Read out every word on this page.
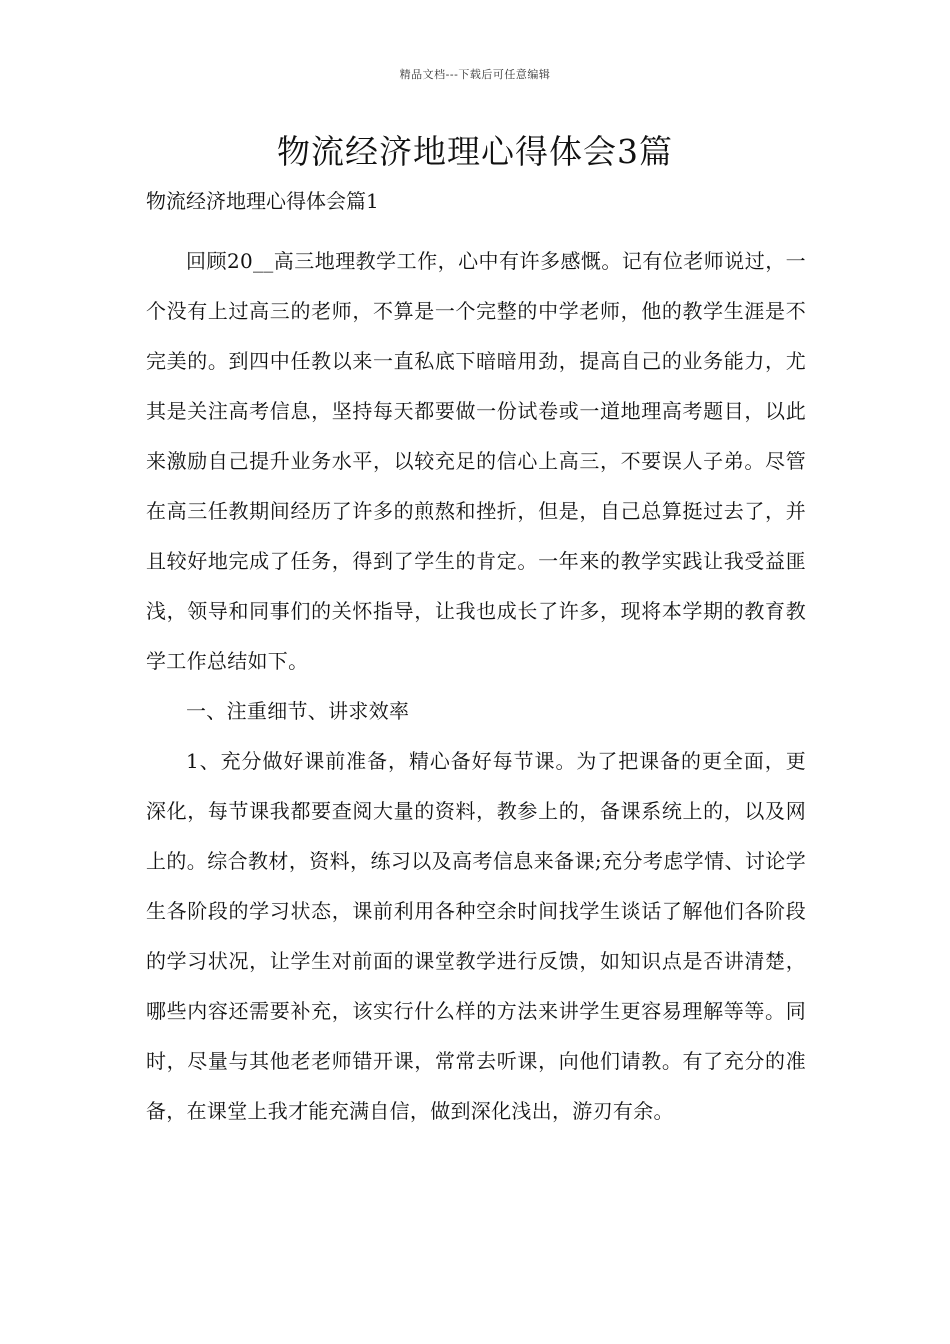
精品文档---下载后可任意编辑
物流经济地理心得体会3篇
物流经济地理心得体会篇1

回顾20__高三地理教学工作，心中有许多感慨。记有位老师说过，一个没有上过高三的老师，不算是一个完整的中学老师，他的教学生涯是不完美的。到四中任教以来一直私底下暗暗用劲，提高自己的业务能力，尤其是关注高考信息，坚持每天都要做一份试卷或一道地理高考题目，以此来激励自己提升业务水平，以较充足的信心上高三，不要误人子弟。尽管在高三任教期间经历了许多的煎熬和挫折，但是，自己总算挺过去了，并且较好地完成了任务，得到了学生的肯定。一年来的教学实践让我受益匪浅，领导和同事们的关怀指导，让我也成长了许多，现将本学期的教育教学工作总结如下。

一、注重细节、讲求效率

1、充分做好课前准备，精心备好每节课。为了把课备的更全面，更深化，每节课我都要查阅大量的资料，教参上的，备课系统上的，以及网上的。综合教材，资料，练习以及高考信息来备课;充分考虑学情、讨论学生各阶段的学习状态，课前利用各种空余时间找学生谈话了解他们各阶段的学习状况，让学生对前面的课堂教学进行反馈，如知识点是否讲清楚，哪些内容还需要补充，该实行什么样的方法来讲学生更容易理解等等。同时，尽量与其他老老师错开课，常常去听课，向他们请教。有了充分的准备，在课堂上我才能充满自信，做到深化浅出，游刃有余。
